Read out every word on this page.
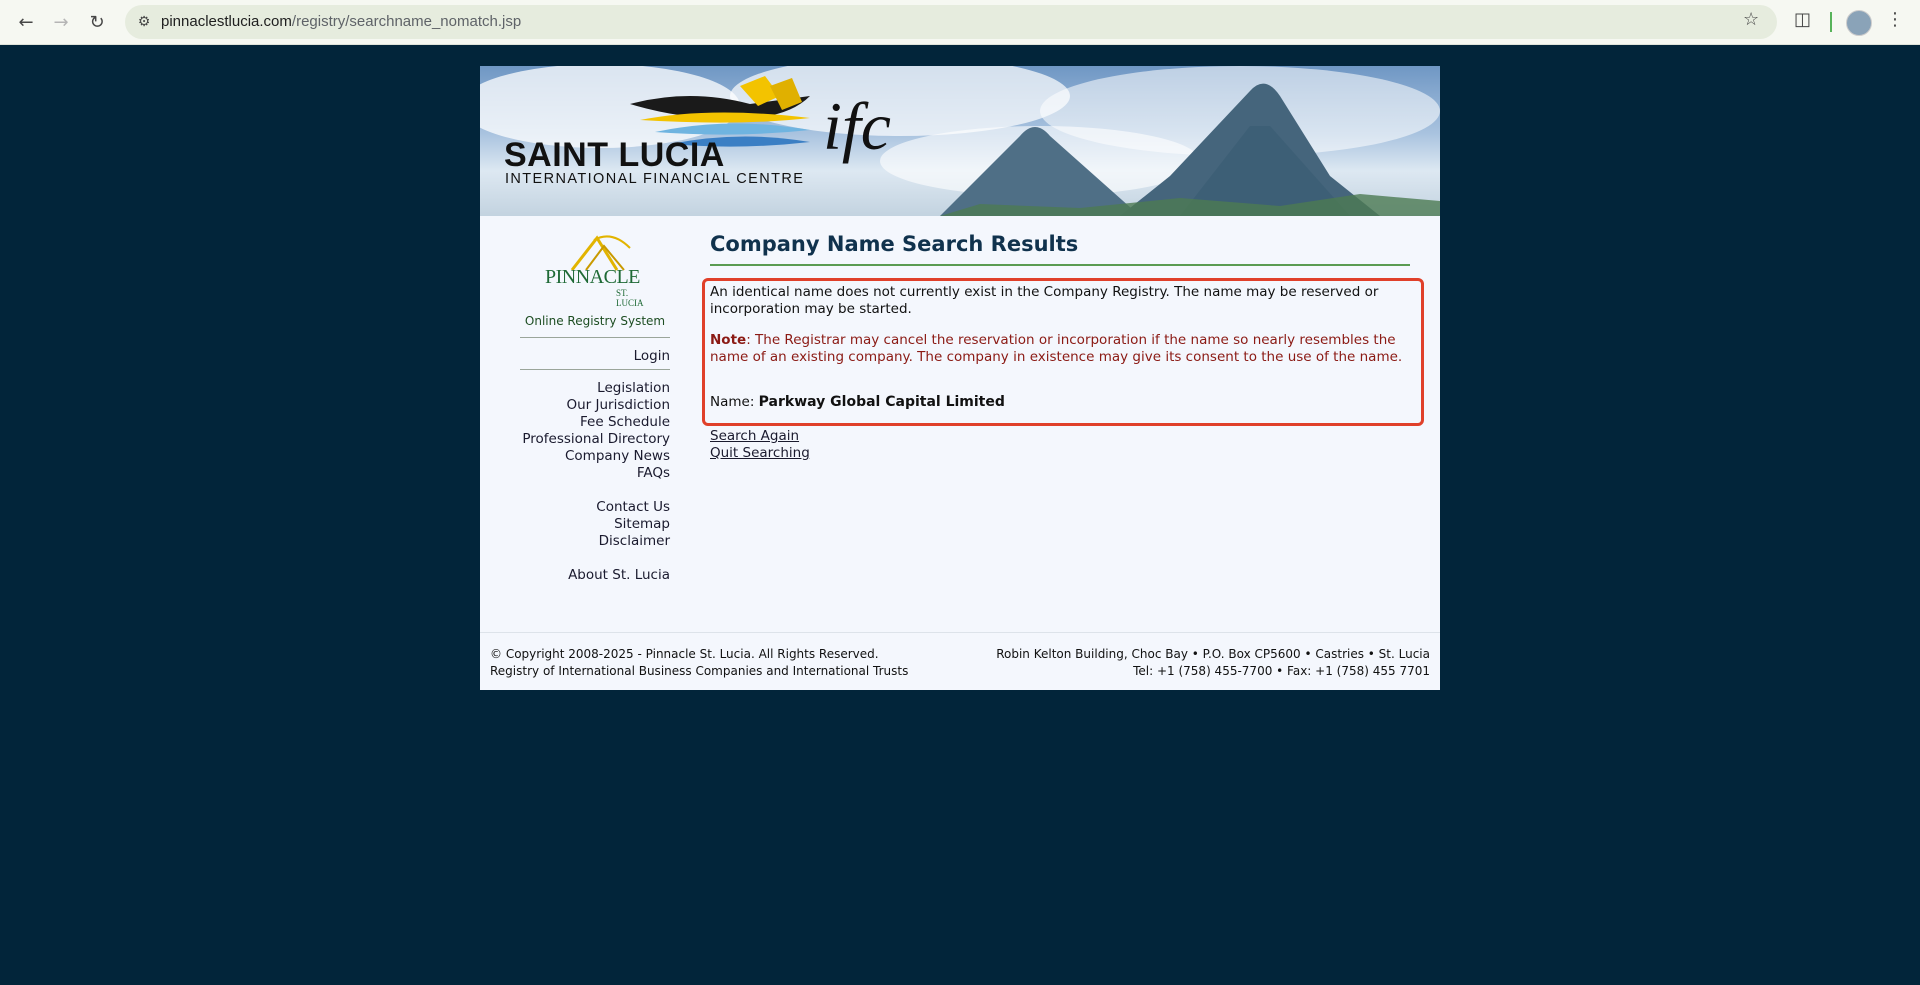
←	→	↻	⚙ pinnaclestlucia.com/registry/searchname_nomatch.jsp	☆ ◫	⋮
SAINT LUCIA
INTERNATIONAL FINANCIAL CENTRE
ifc
PINNACLE
ST. LUCIA
Online Registry System
Login
Legislation
Our Jurisdiction
Fee Schedule
Professional Directory
Company News
FAQs
Contact Us
Sitemap
Disclaimer
About St. Lucia
Company Name Search Results
An identical name does not currently exist in the Company Registry. The name may be reserved or incorporation may be started.
Note: The Registrar may cancel the reservation or incorporation if the name so nearly resembles the name of an existing company. The company in existence may give its consent to the use of the name.
Name: Parkway Global Capital Limited
Search Again
Quit Searching
© Copyright 2008-2025 - Pinnacle St. Lucia. All Rights Reserved.
Registry of International Business Companies and International Trusts
Robin Kelton Building, Choc Bay • P.O. Box CP5600 • Castries • St. Lucia
Tel: +1 (758) 455-7700 • Fax: +1 (758) 455 7701
